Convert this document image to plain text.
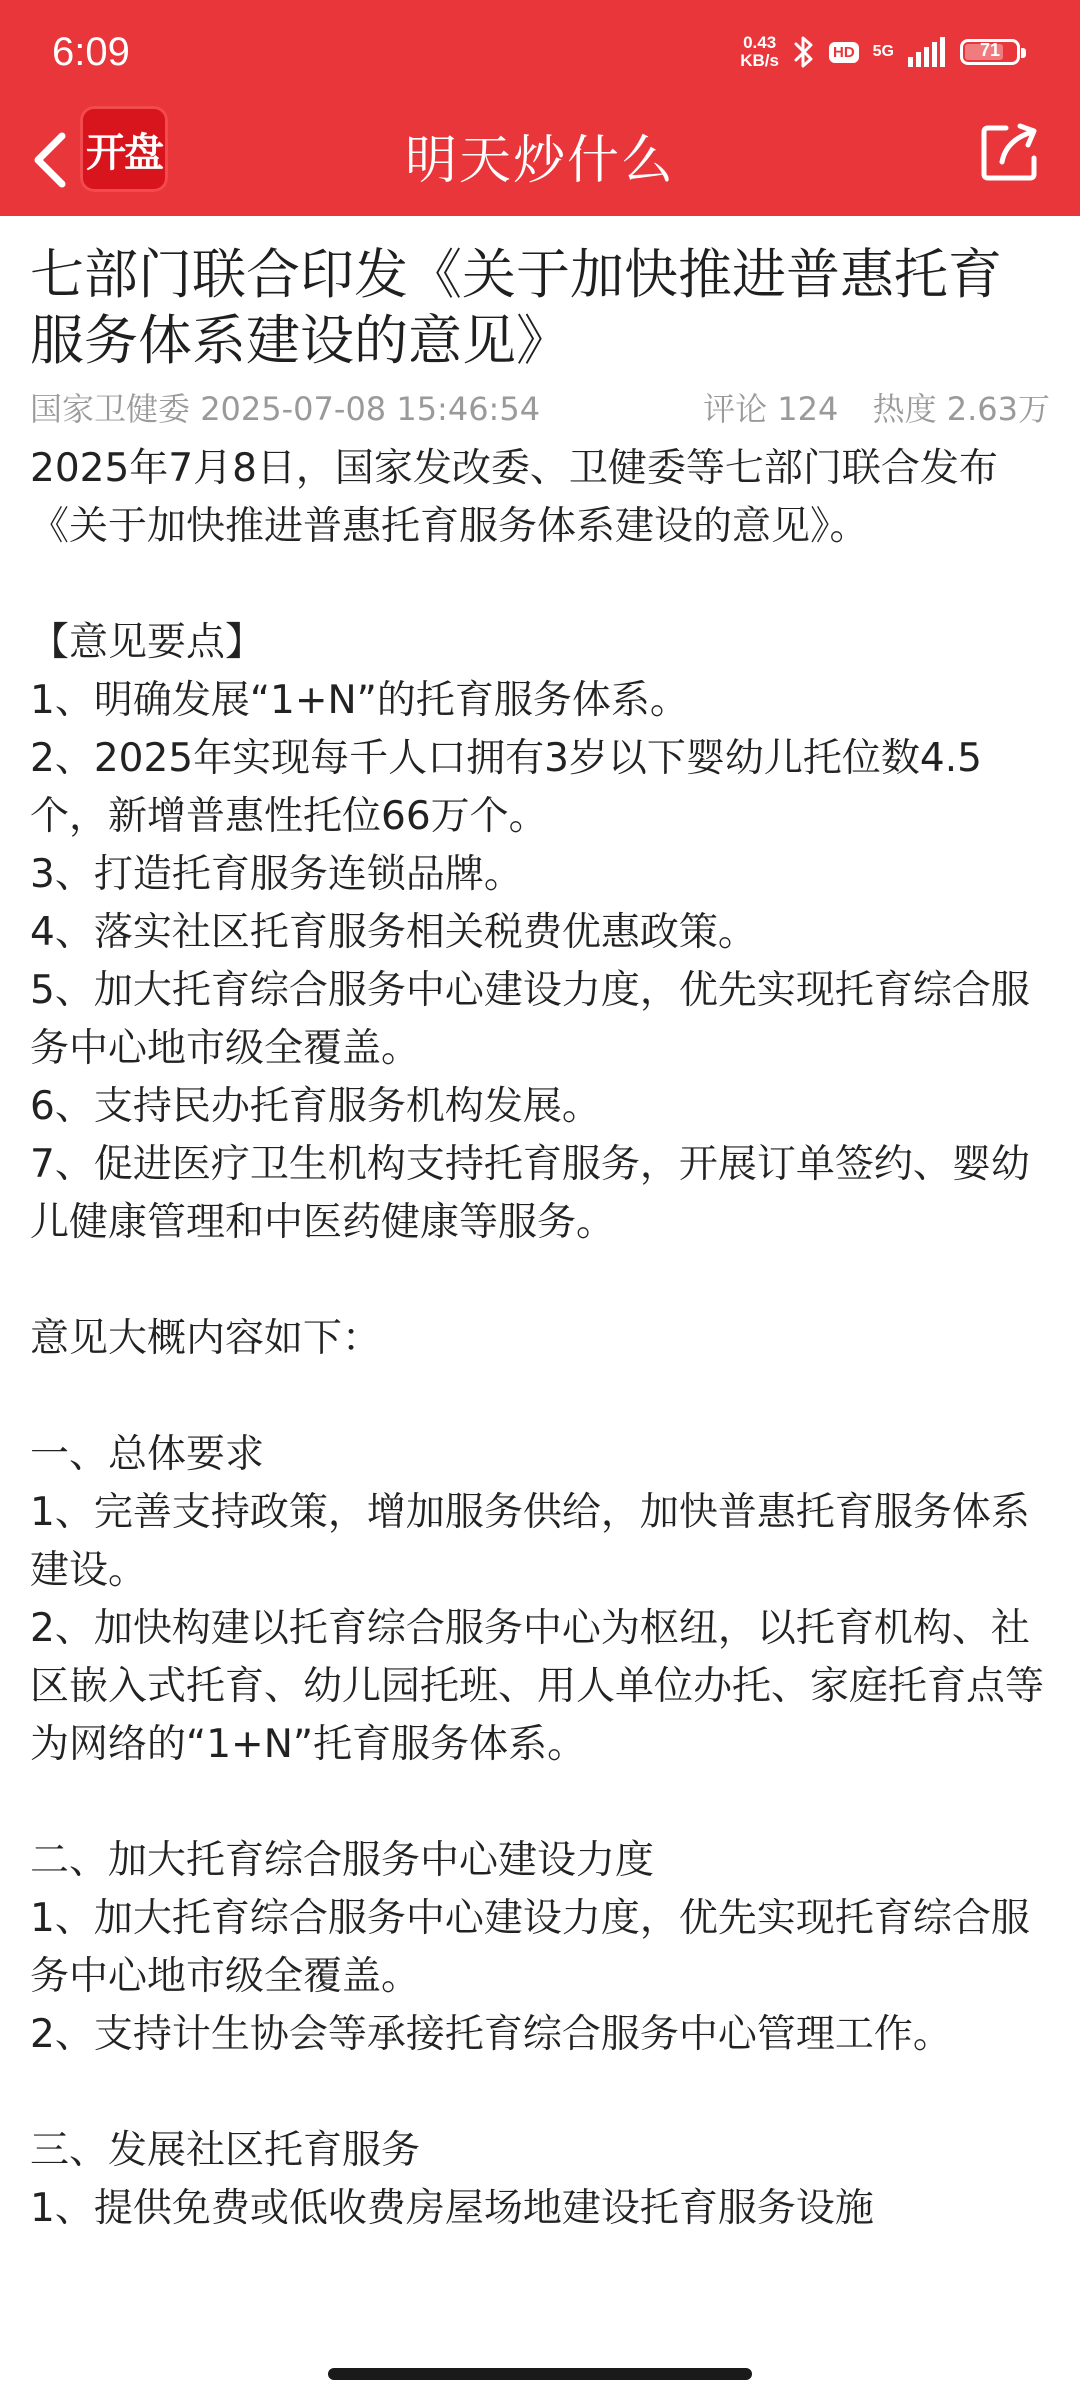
6:09	0.43
KB/s	HD 5G	71
开盘	明天炒什么
七部门联合印发《关于加快推进普惠托育服务体系建设的意见》
国家卫健委 2025-07-08 15:46:54	评论 124 热度 2.63万

2025年7月8日，国家发改委、卫健委等七部门联合发布《关于加快推进普惠托育服务体系建设的意见》。

【意见要点】

1、明确发展“1+N”的托育服务体系。

2、2025年实现每千人口拥有3岁以下婴幼儿托位数4.5个，新增普惠性托位66万个。

3、打造托育服务连锁品牌。

4、落实社区托育服务相关税费优惠政策。

5、加大托育综合服务中心建设力度，优先实现托育综合服务中心地市级全覆盖。

6、支持民办托育服务机构发展。

7、促进医疗卫生机构支持托育服务，开展订单签约、婴幼儿健康管理和中医药健康等服务。

意见大概内容如下：

一、总体要求

1、完善支持政策，增加服务供给，加快普惠托育服务体系建设。

2、加快构建以托育综合服务中心为枢纽，以托育机构、社区嵌入式托育、幼儿园托班、用人单位办托、家庭托育点等为网络的“1+N”托育服务体系。

二、加大托育综合服务中心建设力度

1、加大托育综合服务中心建设力度，优先实现托育综合服务中心地市级全覆盖。

2、支持计生协会等承接托育综合服务中心管理工作。

三、发展社区托育服务

1、提供免费或低收费房屋场地建设托育服务设施
